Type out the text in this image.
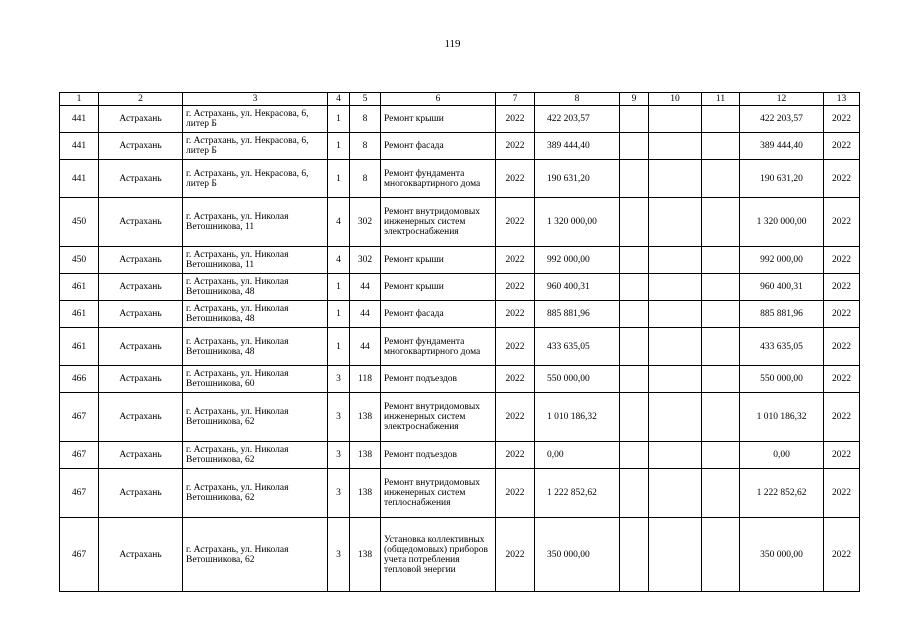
119
1	2	3	4	5	6	7	8	9	10	11	12	13
441	Астрахань	г. Астрахань, ул. Некрасова, 6, литер Б	1	8	Ремонт крыши	2022	422 203,57				422 203,57	2022
441	Астрахань	г. Астрахань, ул. Некрасова, 6, литер Б	1	8	Ремонт фасада	2022	389 444,40				389 444,40	2022
441	Астрахань	г. Астрахань, ул. Некрасова, 6, литер Б	1	8	Ремонт фундамента многоквартирного дома	2022	190 631,20				190 631,20	2022
450	Астрахань	г. Астрахань, ул. Николая Ветошникова, 11	4	302	Ремонт внутридомовых инженерных систем электроснабжения	2022	1 320 000,00				1 320 000,00	2022
450	Астрахань	г. Астрахань, ул. Николая Ветошникова, 11	4	302	Ремонт крыши	2022	992 000,00				992 000,00	2022
461	Астрахань	г. Астрахань, ул. Николая Ветошникова, 48	1	44	Ремонт крыши	2022	960 400,31				960 400,31	2022
461	Астрахань	г. Астрахань, ул. Николая Ветошникова, 48	1	44	Ремонт фасада	2022	885 881,96				885 881,96	2022
461	Астрахань	г. Астрахань, ул. Николая Ветошникова, 48	1	44	Ремонт фундамента многоквартирного дома	2022	433 635,05				433 635,05	2022
466	Астрахань	г. Астрахань, ул. Николая Ветошникова, 60	3	118	Ремонт подъездов	2022	550 000,00				550 000,00	2022
467	Астрахань	г. Астрахань, ул. Николая Ветошникова, 62	3	138	Ремонт внутридомовых инженерных систем электроснабжения	2022	1 010 186,32				1 010 186,32	2022
467	Астрахань	г. Астрахань, ул. Николая Ветошникова, 62	3	138	Ремонт подъездов	2022	0,00				0,00	2022
467	Астрахань	г. Астрахань, ул. Николая Ветошникова, 62	3	138	Ремонт внутридомовых инженерных систем теплоснабжения	2022	1 222 852,62				1 222 852,62	2022
467	Астрахань	г. Астрахань, ул. Николая Ветошникова, 62	3	138	Установка коллективных (общедомовых) приборов учета потребления тепловой энергии	2022	350 000,00				350 000,00	2022
